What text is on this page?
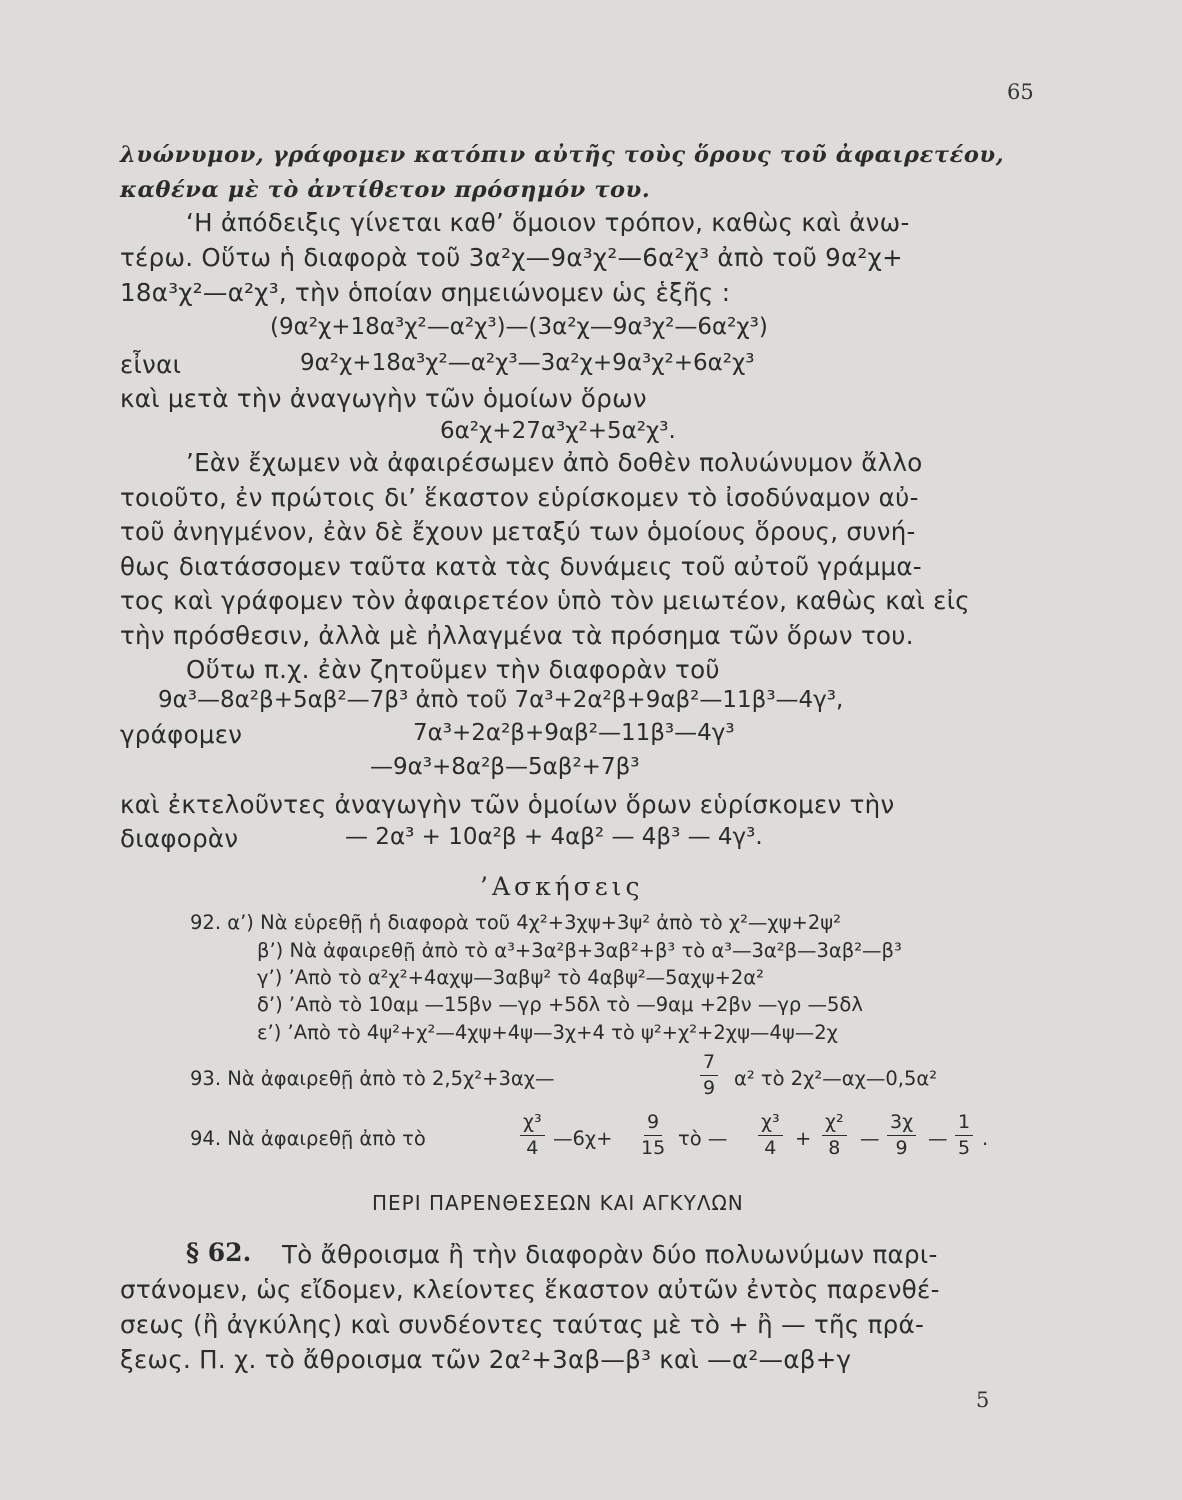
65
λυώνυμον, γράφομεν κατόπιν αὐτῆς τοὺς ὅρους τοῦ ἀφαιρετέου,
καθένα μὲ τὸ ἀντίθετον πρόσημόν του.
‘Η ἀπόδειξις γίνεται καθ’ ὅμοιον τρόπον, καθὼς καὶ ἀνω-
τέρω. Οὕτω ἡ διαφορὰ τοῦ 3α²χ—9α³χ²—6α²χ³ ἀπὸ τοῦ 9α²χ+
18α³χ²—α²χ³, τὴν ὁποίαν σημειώνομεν ὡς ἑξῆς :
(9α²χ+18α³χ²—α²χ³)—(3α²χ—9α³χ²—6α²χ³)
εἶναι	9α²χ+18α³χ²—α²χ³—3α²χ+9α³χ²+6α²χ³
καὶ μετὰ τὴν ἀναγωγὴν τῶν ὁμοίων ὅρων
6α²χ+27α³χ²+5α²χ³.
’Εὰν ἔχωμεν νὰ ἀφαιρέσωμεν ἀπὸ δοθὲν πολυώνυμον ἄλλο
τοιοῦτο, ἐν πρώτοις δι’ ἕκαστον εὑρίσκομεν τὸ ἰσοδύναμον αὐ-
τοῦ ἀνηγμένον, ἐὰν δὲ ἔχουν μεταξύ των ὁμοίους ὅρους, συνή-
θως διατάσσομεν ταῦτα κατὰ τὰς δυνάμεις τοῦ αὐτοῦ γράμμα-
τος καὶ γράφομεν τὸν ἀφαιρετέον ὑπὸ τὸν μειωτέον, καθὼς καὶ εἰς
τὴν πρόσθεσιν, ἀλλὰ μὲ ἠλλαγμένα τὰ πρόσημα τῶν ὅρων του.
Οὕτω π.χ. ἐὰν ζητοῦμεν τὴν διαφορὰν τοῦ
9α³—8α²β+5αβ²—7β³ ἀπὸ τοῦ 7α³+2α²β+9αβ²—11β³—4γ³,
γράφομεν	7α³+2α²β+9αβ²—11β³—4γ³
—9α³+8α²β—5αβ²+7β³
καὶ ἐκτελοῦντες ἀναγωγὴν τῶν ὁμοίων ὅρων εὑρίσκομεν τὴν
διαφορὰν	— 2α³ + 10α²β + 4αβ² — 4β³ — 4γ³.
’Ασκήσεις
92. α’) Νὰ εὑρεθῇ ἡ διαφορὰ τοῦ 4χ²+3χψ+3ψ² ἀπὸ τὸ χ²—χψ+2ψ²
β’) Νὰ ἀφαιρεθῇ ἀπὸ τὸ α³+3α²β+3αβ²+β³ τὸ α³—3α²β—3αβ²—β³
γ’) ’Απὸ τὸ α²χ²+4αχψ—3αβψ² τὸ 4αβψ²—5αχψ+2α²
δ’) ’Απὸ τὸ 10αμ —15βν —γρ +5δλ τὸ —9αμ +2βν —γρ —5δλ
ε’) ’Απὸ τὸ 4ψ²+χ²—4χψ+4ψ—3χ+4 τὸ ψ²+χ²+2χψ—4ψ—2χ
93. Νὰ ἀφαιρεθῇ ἀπὸ τὸ 2,5χ²+3αχ—	$\frac{7}{9} \alpha^2$ τὸ 2χ²—αχ—0,5α²
94. Νὰ ἀφαιρεθῇ ἀπὸ τὸ	$\frac{\text{χ³}}{4}$ —6χ+ $\frac{9}{15}$ τὸ — $\frac{\text{χ³}}{4} + \frac{\text{χ²}}{8}$ — $\frac{3\chi}{9}$ — $\frac{1}{5}$ .
ΠΕΡΙ ΠΑΡΕΝΘΕΣΕΩΝ ΚΑΙ ΑΓΚΥΛΩΝ
§ 62. Τὸ ἄθροισμα ἢ τὴν διαφορὰν δύο πολυωνύμων παρι-
στάνομεν, ὡς εἴδομεν, κλείοντες ἕκαστον αὐτῶν ἐντὸς παρενθέ-
σεως (ἢ ἀγκύλης) καὶ συνδέοντες ταύτας μὲ τὸ + ἢ — τῆς πρά-
ξεως. Π. χ. τὸ ἄθροισμα τῶν 2α²+3αβ—β³ καὶ —α²—αβ+γ
5
